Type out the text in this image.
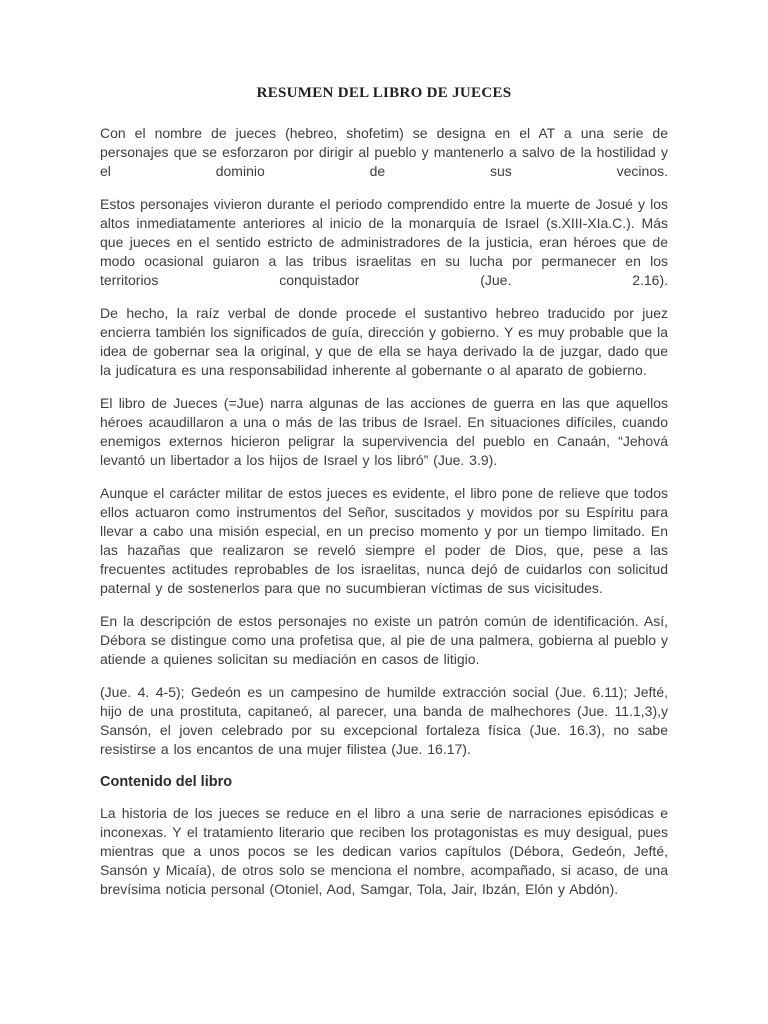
RESUMEN DEL LIBRO DE JUECES

Con el nombre de jueces (hebreo, shofetim) se designa en el AT a una serie de personajes que se esforzaron por dirigir al pueblo y mantenerlo a salvo de la hostilidad y el dominio de sus vecinos.

Estos personajes vivieron durante el periodo comprendido entre la muerte de Josué y los altos inmediatamente anteriores al inicio de la monarquía de Israel (s.XIII-XIa.C.). Más que jueces en el sentido estricto de administradores de la justicia, eran héroes que de modo ocasional guiaron a las tribus israelitas en su lucha por permanecer en los territorios conquistador (Jue. 2.16).

De hecho, la raíz verbal de donde procede el sustantivo hebreo traducido por juez encierra también los significados de guía, dirección y gobierno. Y es muy probable que la idea de gobernar sea la original, y que de ella se haya derivado la de juzgar, dado que la judicatura es una responsabilidad inherente al gobernante o al aparato de gobierno.

El libro de Jueces (=Jue) narra algunas de las acciones de guerra en las que aquellos héroes acaudillaron a una o más de las tribus de Israel. En situaciones difíciles, cuando enemigos externos hicieron peligrar la supervivencia del pueblo en Canaán, “Jehová levantó un libertador a los hijos de Israel y los libró” (Jue. 3.9).

Aunque el carácter militar de estos jueces es evidente, el libro pone de relieve que todos ellos actuaron como instrumentos del Señor, suscitados y movidos por su Espíritu para llevar a cabo una misión especial, en un preciso momento y por un tiempo limitado. En las hazañas que realizaron se reveló siempre el poder de Dios, que, pese a las frecuentes actitudes reprobables de los israelitas, nunca dejó de cuidarlos con solicitud paternal y de sostenerlos para que no sucumbieran víctimas de sus vicisitudes.

En la descripción de estos personajes no existe un patrón común de identificación. Así, Débora se distingue como una profetisa que, al pie de una palmera, gobierna al pueblo y atiende a quienes solicitan su mediación en casos de litigio.

(Jue. 4. 4-5); Gedeón es un campesino de humilde extracción social (Jue. 6.11); Jefté, hijo de una prostituta, capitaneó, al parecer, una banda de malhechores (Jue. 11.1,3),y Sansón, el joven celebrado por su excepcional fortaleza física (Jue. 16.3), no sabe resistirse a los encantos de una mujer filistea (Jue. 16.17).

Contenido del libro

La historia de los jueces se reduce en el libro a una serie de narraciones episódicas e inconexas. Y el tratamiento literario que reciben los protagonistas es muy desigual, pues mientras que a unos pocos se les dedican varios capítulos (Débora, Gedeón, Jefté, Sansón y Micaía), de otros solo se menciona el nombre, acompañado, si acaso, de una brevísima noticia personal (Otoniel, Aod, Samgar, Tola, Jair, Ibzán, Elón y Abdón).
